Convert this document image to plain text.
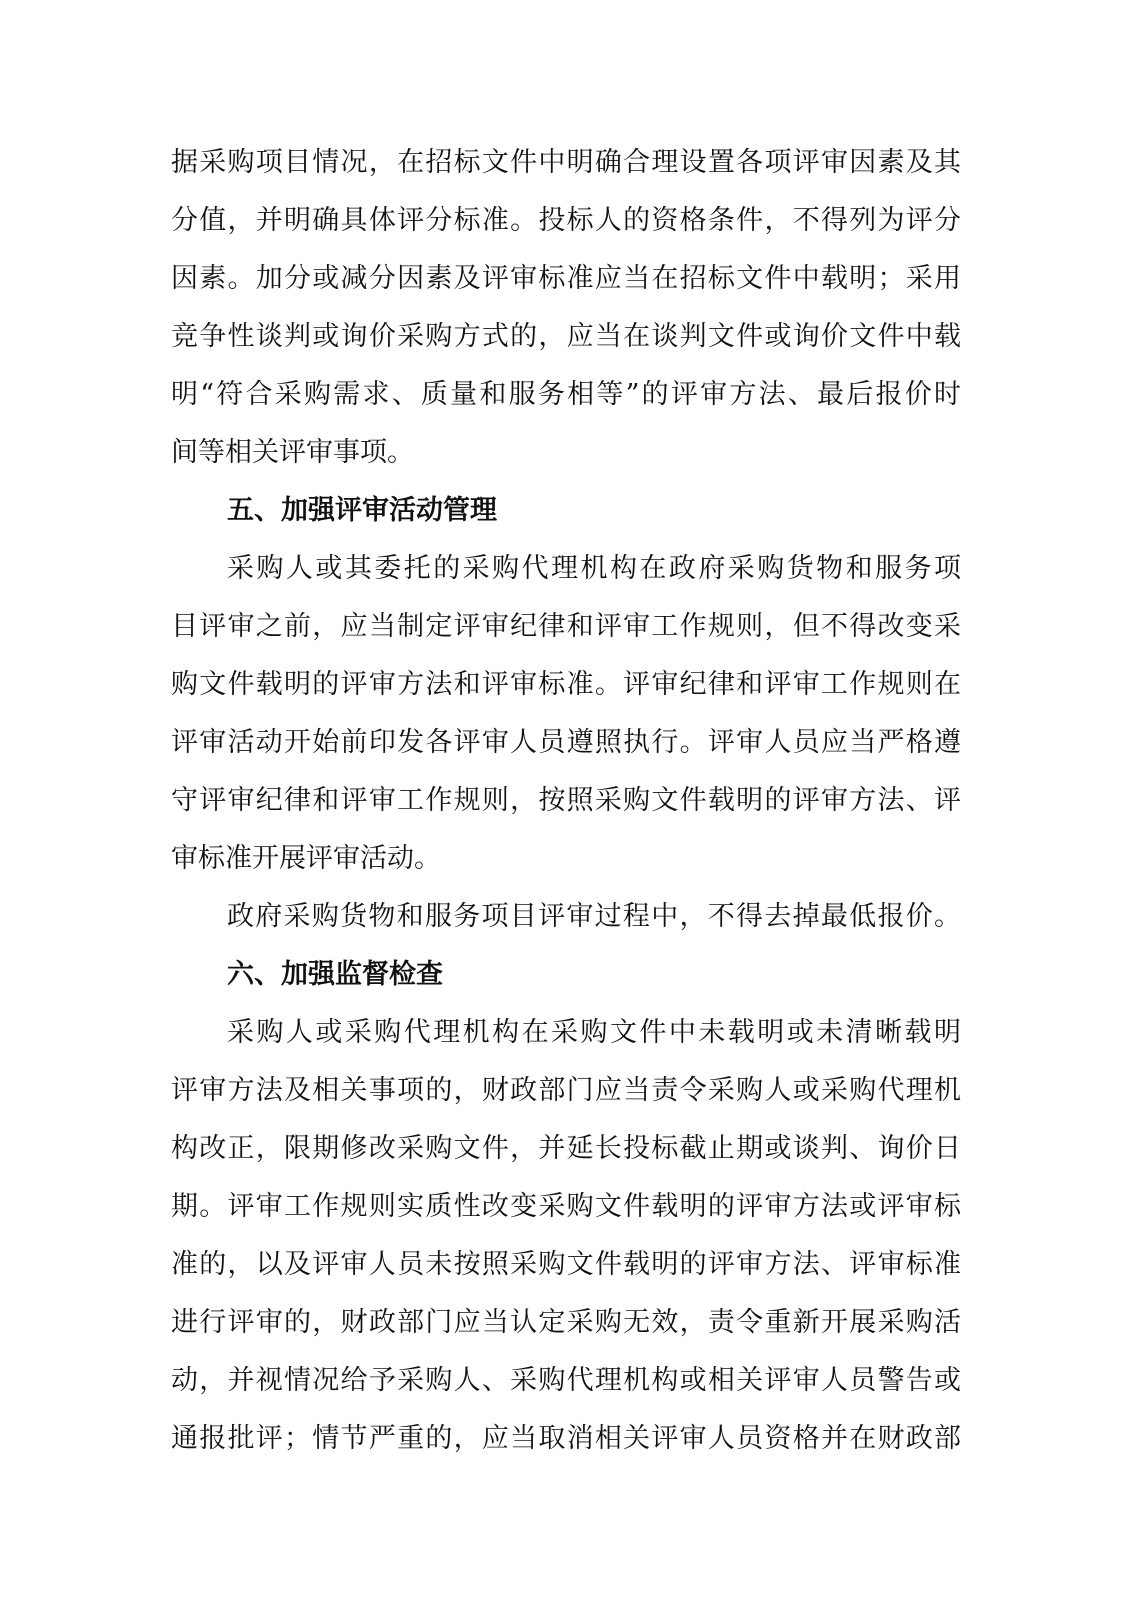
据采购项目情况，在招标文件中明确合理设置各项评审因素及其
分值，并明确具体评分标准。投标人的资格条件，不得列为评分
因素。加分或减分因素及评审标准应当在招标文件中载明；采用
竞争性谈判或询价采购方式的，应当在谈判文件或询价文件中载
明“符合采购需求、质量和服务相等”的评审方法、最后报价时
间等相关评审事项。
五、加强评审活动管理
采购人或其委托的采购代理机构在政府采购货物和服务项
目评审之前，应当制定评审纪律和评审工作规则，但不得改变采
购文件载明的评审方法和评审标准。评审纪律和评审工作规则在
评审活动开始前印发各评审人员遵照执行。评审人员应当严格遵
守评审纪律和评审工作规则，按照采购文件载明的评审方法、评
审标准开展评审活动。
政府采购货物和服务项目评审过程中，不得去掉最低报价。
六、加强监督检查
采购人或采购代理机构在采购文件中未载明或未清晰载明
评审方法及相关事项的，财政部门应当责令采购人或采购代理机
构改正，限期修改采购文件，并延长投标截止期或谈判、询价日
期。评审工作规则实质性改变采购文件载明的评审方法或评审标
准的，以及评审人员未按照采购文件载明的评审方法、评审标准
进行评审的，财政部门应当认定采购无效，责令重新开展采购活
动，并视情况给予采购人、采购代理机构或相关评审人员警告或
通报批评；情节严重的，应当取消相关评审人员资格并在财政部
